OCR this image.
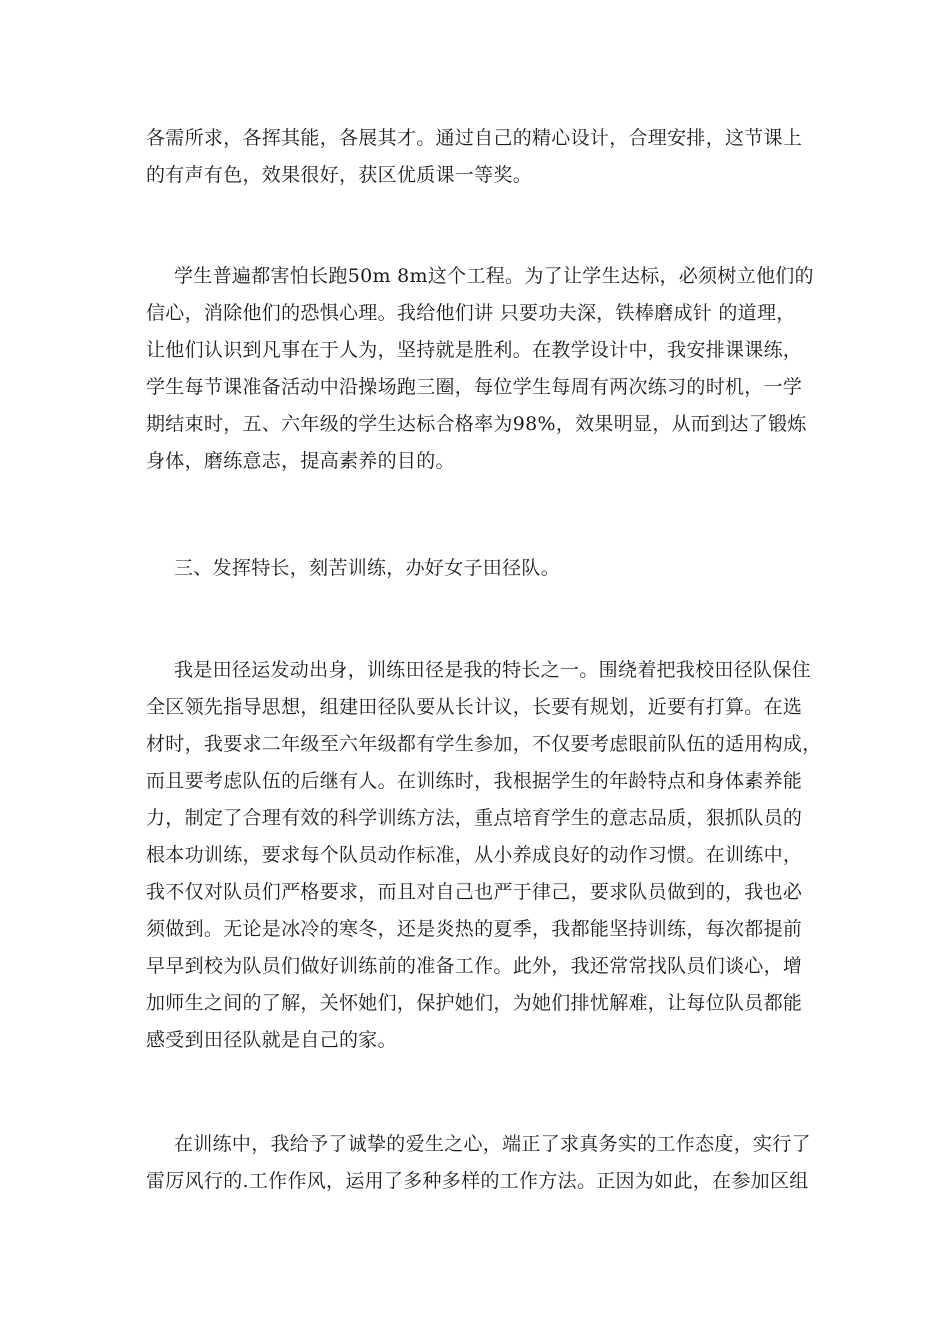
各需所求，各挥其能，各展其才。通过自己的精心设计，合理安排，这节课上
的有声有色，效果很好，获区优质课一等奖。
学生普遍都害怕长跑50m 8m这个工程。为了让学生达标，必须树立他们的
信心，消除他们的恐惧心理。我给他们讲 只要功夫深，铁棒磨成针 的道理，
让他们认识到凡事在于人为，坚持就是胜利。在教学设计中，我安排课课练，
学生每节课准备活动中沿操场跑三圈，每位学生每周有两次练习的时机，一学
期结束时，五、六年级的学生达标合格率为98%，效果明显，从而到达了锻炼
身体，磨练意志，提高素养的目的。
三、发挥特长，刻苦训练，办好女子田径队。
我是田径运发动出身，训练田径是我的特长之一。围绕着把我校田径队保住
全区领先指导思想，组建田径队要从长计议，长要有规划，近要有打算。在选
材时，我要求二年级至六年级都有学生参加，不仅要考虑眼前队伍的适用构成，
而且要考虑队伍的后继有人。在训练时，我根据学生的年龄特点和身体素养能
力，制定了合理有效的科学训练方法，重点培育学生的意志品质，狠抓队员的
根本功训练，要求每个队员动作标准，从小养成良好的动作习惯。在训练中，
我不仅对队员们严格要求，而且对自己也严于律己，要求队员做到的，我也必
须做到。无论是冰冷的寒冬，还是炎热的夏季，我都能坚持训练，每次都提前
早早到校为队员们做好训练前的准备工作。此外，我还常常找队员们谈心，增
加师生之间的了解，关怀她们，保护她们，为她们排忧解难，让每位队员都能
感受到田径队就是自己的家。
在训练中，我给予了诚挚的爱生之心，端正了求真务实的工作态度，实行了
雷厉风行的.工作作风，运用了多种多样的工作方法。正因为如此，在参加区组
